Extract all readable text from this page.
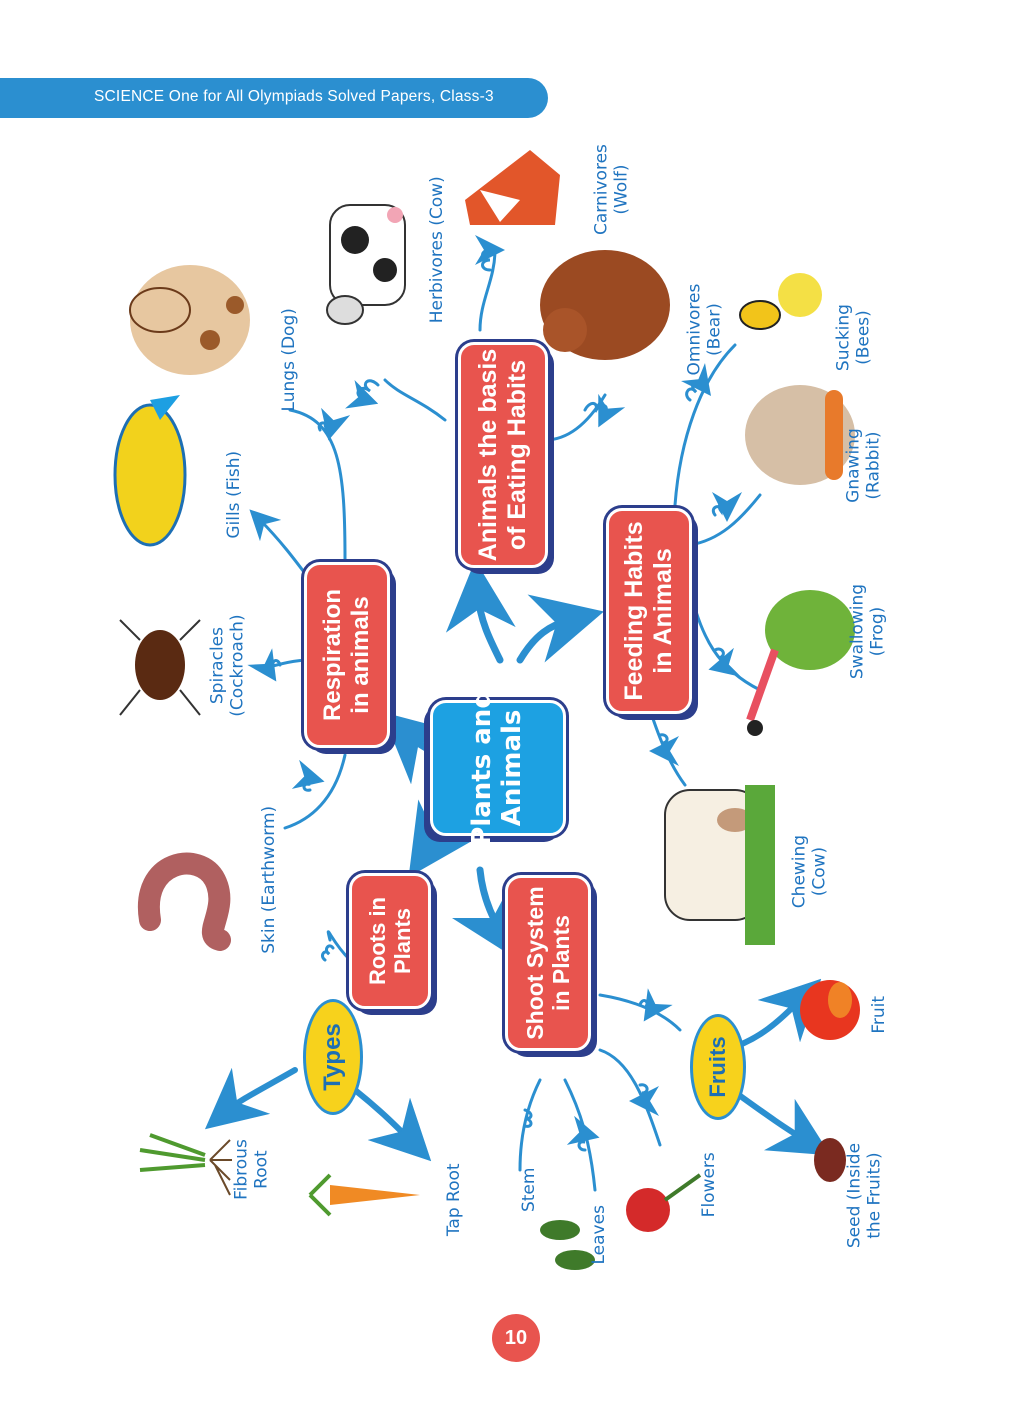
SCIENCE One for All Olympiads Solved Papers, Class-3
Plants and Animals
Animals the basis of Eating Habits
Feeding Habits in Animals
Respiration in animals
Roots in Plants	Shoot System in Plants
Types	Fruits
Herbivores (Cow)	Carnivores (Wolf)
Omnivores (Bear)	Sucking (Bees)
Gnawing (Rabbit)
Swallowing (Frog)
Chewing (Cow)
Lungs (Dog)
Gills (Fish)
Spiracles (Cockroach)
Skin (Earthworm)
Fibrous Root	Tap Root	Stem
Leaves
Flowers
Fruit
Seed (Inside the Fruits)
10
